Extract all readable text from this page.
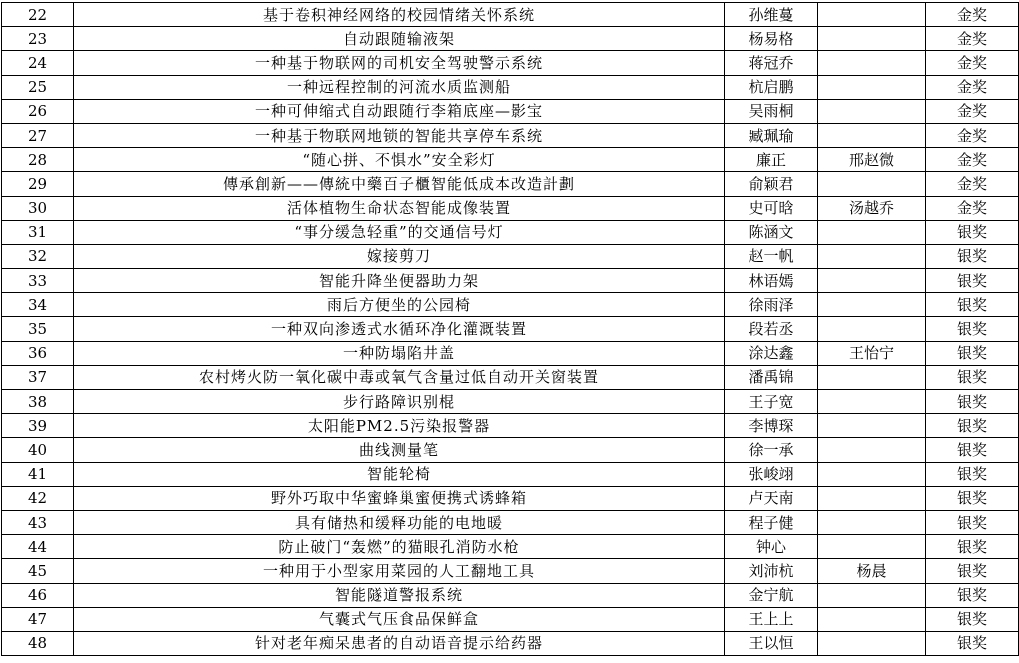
22	基于卷积神经网络的校园情绪关怀系统	孙维蔓		金奖
23	自动跟随输液架	杨易格		金奖
24	一种基于物联网的司机安全驾驶警示系统	蒋冠乔		金奖
25	一种远程控制的河流水质监测船	杭启鹏		金奖
26	一种可伸缩式自动跟随行李箱底座—影宝	吴雨桐		金奖
27	一种基于物联网地锁的智能共享停车系统	臧珮瑜		金奖
28	“随心拼、不惧水”安全彩灯	廉正	邢赵微	金奖
29	傳承創新——傳統中藥百子櫃智能低成本改造計劃	俞颖君		金奖
30	活体植物生命状态智能成像装置	史可晗	汤越乔	金奖
31	“事分缓急轻重”的交通信号灯	陈涵文		银奖
32	嫁接剪刀	赵一帆		银奖
33	智能升降坐便器助力架	林语嫣		银奖
34	雨后方便坐的公园椅	徐雨泽		银奖
35	一种双向渗透式水循环净化灌溉装置	段若丞		银奖
36	一种防塌陷井盖	涂达鑫	王怡宁	银奖
37	农村烤火防一氧化碳中毒或氧气含量过低自动开关窗装置	潘禹锦		银奖
38	步行路障识别棍	王子宽		银奖
39	太阳能PM2.5污染报警器	李博琛		银奖
40	曲线测量笔	徐一承		银奖
41	智能轮椅	张峻翊		银奖
42	野外巧取中华蜜蜂巢蜜便携式诱蜂箱	卢天南		银奖
43	具有储热和缓释功能的电地暖	程子健		银奖
44	防止破门“轰燃”的猫眼孔消防水枪	钟心		银奖
45	一种用于小型家用菜园的人工翻地工具	刘沛杭	杨晨	银奖
46	智能隧道警报系统	金宁航		银奖
47	气囊式气压食品保鲜盒	王上上		银奖
48	针对老年痴呆患者的自动语音提示给药器	王以恒		银奖
